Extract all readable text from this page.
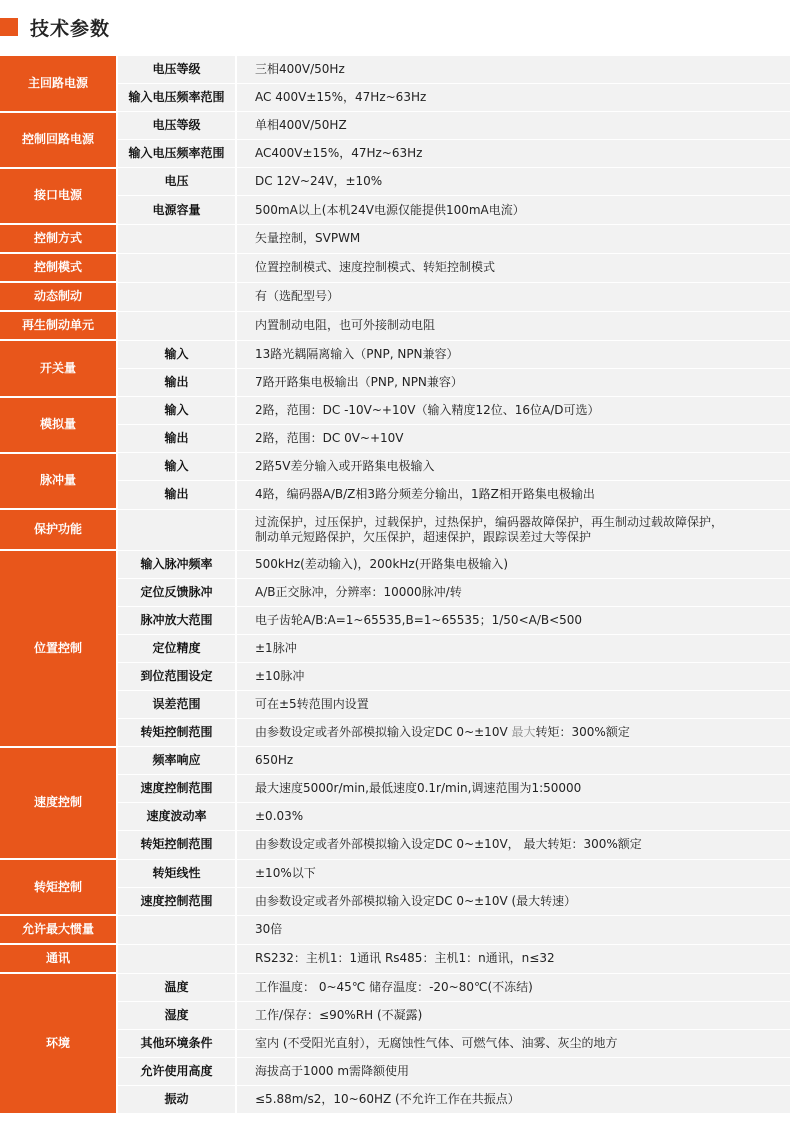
技术参数
主回路电源	电压等级	三相400V/50Hz
	输入电压频率范围	AC 400V±15%，47Hz~63Hz
控制回路电源	电压等级	单相400V/50HZ
	输入电压频率范围	AC400V±15%，47Hz~63Hz
接口电源	电压	DC 12V~24V，±10%
	电源容量	500mA以上(本机24V电源仅能提供100mA电流）
控制方式		矢量控制，SVPWM
控制模式		位置控制模式、速度控制模式、转矩控制模式
动态制动		有（选配型号）
再生制动单元		内置制动电阻，也可外接制动电阻
开关量	输入	13路光耦隔离输入（PNP, NPN兼容）
	输出	7路开路集电极输出（PNP, NPN兼容）
模拟量	输入	2路，范围：DC -10V~+10V（输入精度12位、16位A/D可选）
	输出	2路，范围：DC 0V~+10V
脉冲量	输入	2路5V差分输入或开路集电极输入
	输出	4路，编码器A/B/Z相3路分频差分输出，1路Z相开路集电极输出
保护功能		过流保护，过压保护，过载保护，过热保护，编码器故障保护，再生制动过载故障保护，
制动单元短路保护，欠压保护，超速保护，跟踪误差过大等保护
位置控制	输入脉冲频率	500kHz(差动输入)，200kHz(开路集电极输入)
	定位反馈脉冲	A/B正交脉冲，分辨率：10000脉冲/转
	脉冲放大范围	电子齿轮A/B:A=1~65535,B=1~65535；1/50<A/B<500
	定位精度	±1脉冲
	到位范围设定	±10脉冲
	误差范围	可在±5转范围内设置
	转矩控制范围	由参数设定或者外部模拟输入设定DC 0~±10V 最大转矩：300%额定
速度控制	频率响应	650Hz
	速度控制范围	最大速度5000r/min,最低速度0.1r/min,调速范围为1:50000
	速度波动率	±0.03%
	转矩控制范围	由参数设定或者外部模拟输入设定DC 0~±10V， 最大转矩：300%额定
转矩控制	转矩线性	±10%以下
	速度控制范围	由参数设定或者外部模拟输入设定DC 0~±10V (最大转速）
允许最大惯量		30倍
通讯		RS232：主机1：1通讯 Rs485：主机1：n通讯，n≤32
环境	温度	工作温度： 0~45℃ 储存温度：-20~80℃(不冻结)
	湿度	工作/保存：≤90%RH (不凝露)
	其他环境条件	室内 (不受阳光直射），无腐蚀性气体、可燃气体、油雾、灰尘的地方
	允许使用高度	海拔高于1000 m需降额使用
	振动	≤5.88m/s2，10~60HZ (不允许工作在共振点）
